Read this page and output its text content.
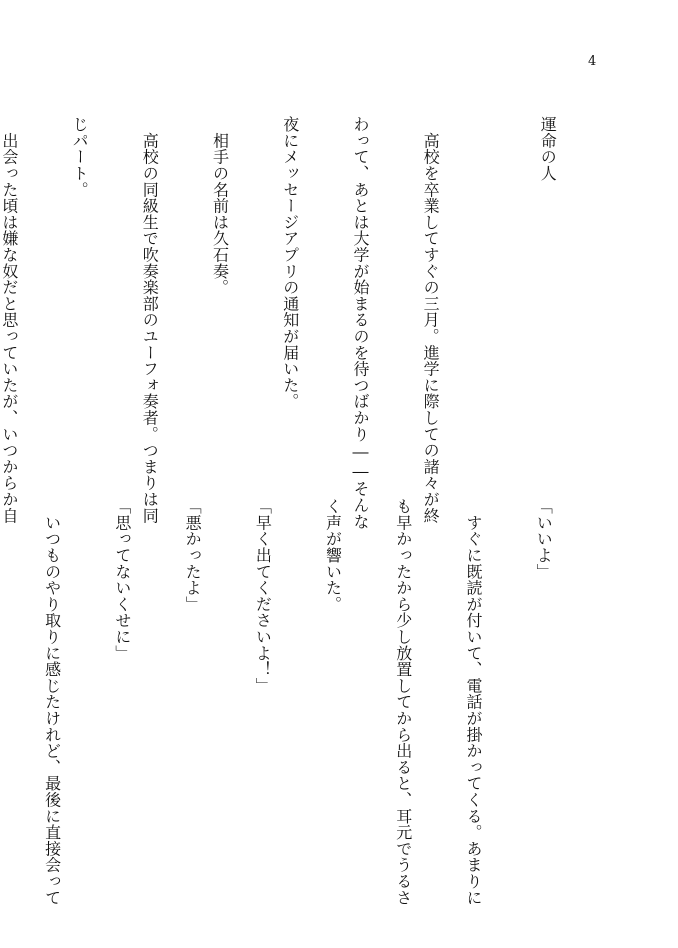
4

運命の人

　高校を卒業してすぐの三月。進学に際しての諸々が終

わって、あとは大学が始まるのを待つばかり――そんな

夜にメッセージアプリの通知が届いた。

　相手の名前は久石奏。

　高校の同級生で吹奏楽部のユーフォ奏者。つまりは同

じパート。

　出会った頃は嫌な奴だと思っていたが、いつからか自

「いいよ」

　すぐに既読が付いて、電話が掛かってくる。あまりに

も早かったから少し放置してから出ると、耳元でうるさ

く声が響いた。

「早く出てくださいよ！」

「悪かったよ」

「思ってないくせに」

　いつものやり取りに感じたけれど、最後に直接会って
